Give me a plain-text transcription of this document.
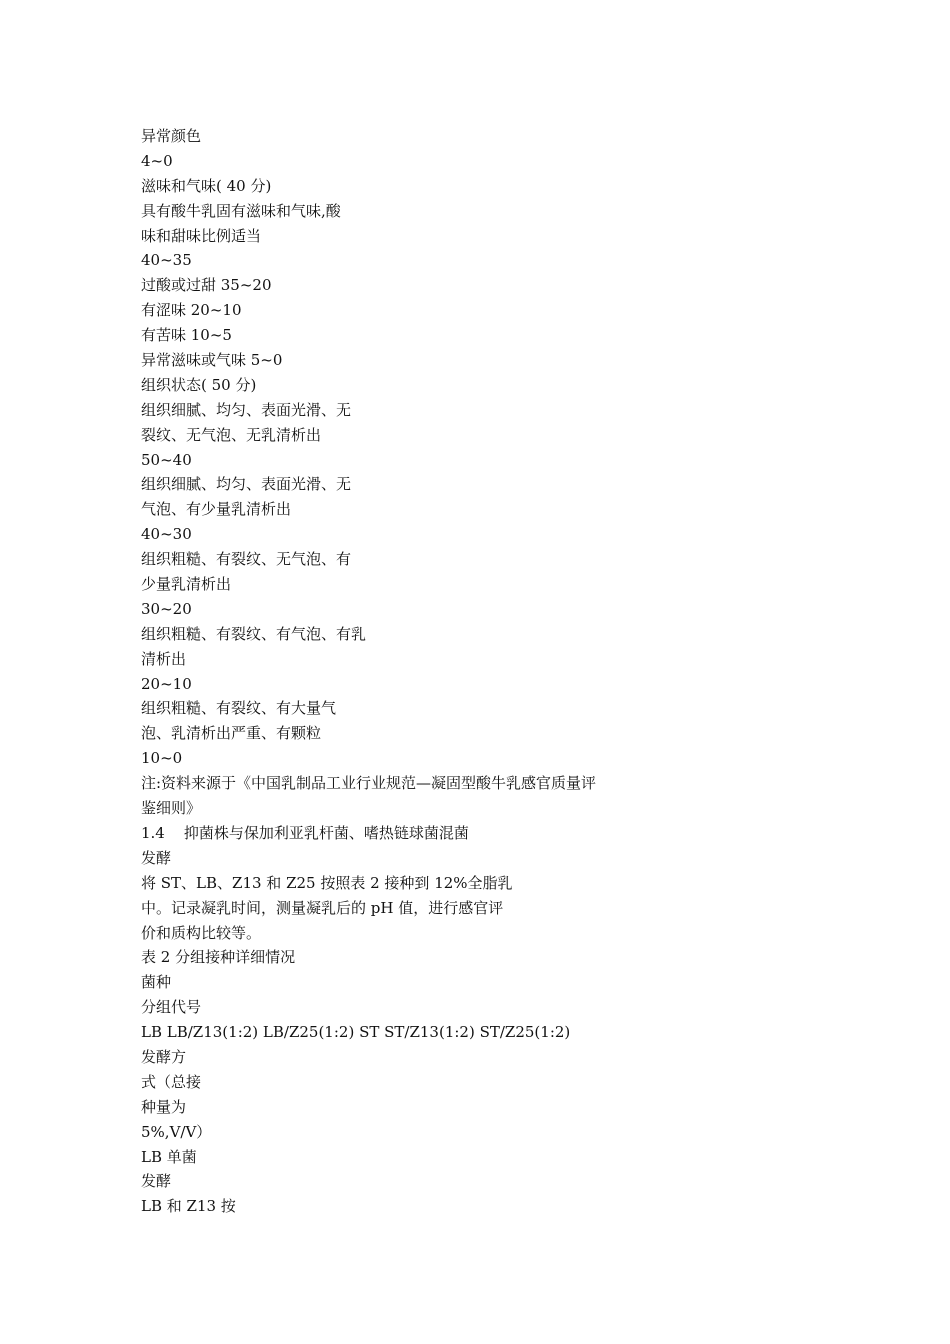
异常颜色
4~0
滋味和气味( 40 分)
具有酸牛乳固有滋味和气味,酸
味和甜味比例适当
40~35
过酸或过甜 35~20
有涩味 20~10
有苦味 10~5
异常滋味或气味 5~0
组织状态( 50 分)
组织细腻、均匀、表面光滑、无
裂纹、无气泡、无乳清析出
50~40
组织细腻、均匀、表面光滑、无
气泡、有少量乳清析出
40~30
组织粗糙、有裂纹、无气泡、有
少量乳清析出
30~20
组织粗糙、有裂纹、有气泡、有乳
清析出
20~10
组织粗糙、有裂纹、有大量气
泡、乳清析出严重、有颗粒
10~0
注:资料来源于《中国乳制品工业行业规范—凝固型酸牛乳感官质量评
鉴细则》
1.4    抑菌株与保加利亚乳杆菌、嗜热链球菌混菌
发酵
将 ST、LB、Z13 和 Z25 按照表 2 接种到 12%全脂乳
中。记录凝乳时间，测量凝乳后的 pH 值，进行感官评
价和质构比较等。
表 2 分组接种详细情况
菌种
分组代号
LB LB/Z13(1:2) LB/Z25(1:2) ST ST/Z13(1:2) ST/Z25(1:2)
发酵方
式（总接
种量为
5%,V/V）
LB 单菌
发酵
LB 和 Z13 按
